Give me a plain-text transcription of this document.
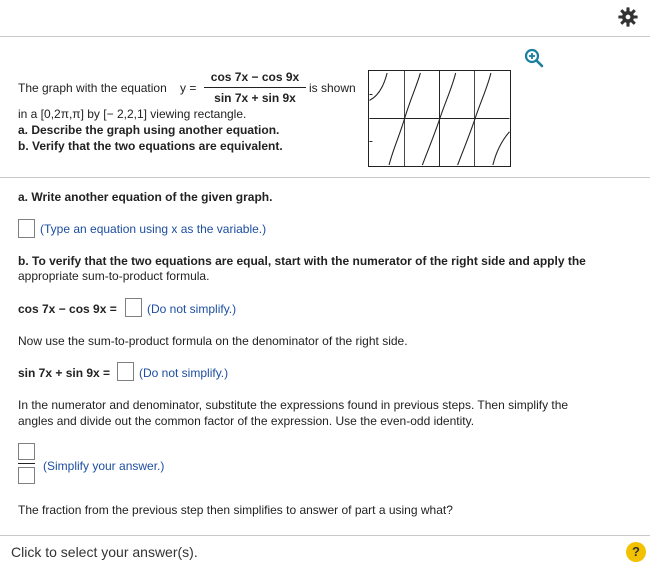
The graph with the equation y =
cos 7x − cos 9x
sin 7x + sin 9x
is shown
in a [0,2π,π] by [− 2,2,1] viewing rectangle.
a. Describe the graph using another equation.
b. Verify that the two equations are equivalent.
a. Write another equation of the given graph.
(Type an equation using x as the variable.)
b. To verify that the two equations are equal, start with the numerator of the right side and apply the
appropriate sum-to-product formula.
cos 7x − cos 9x =	(Do not simplify.)
Now use the sum-to-product formula on the denominator of the right side.
sin 7x + sin 9x = (Do not simplify.)
In the numerator and denominator, substitute the expressions found in previous steps. Then simplify the
angles and divide out the common factor of the expression. Use the even-odd identity.
(Simplify your answer.)
The fraction from the previous step then simplifies to answer of part a using what?
Click to select your answer(s).	?
